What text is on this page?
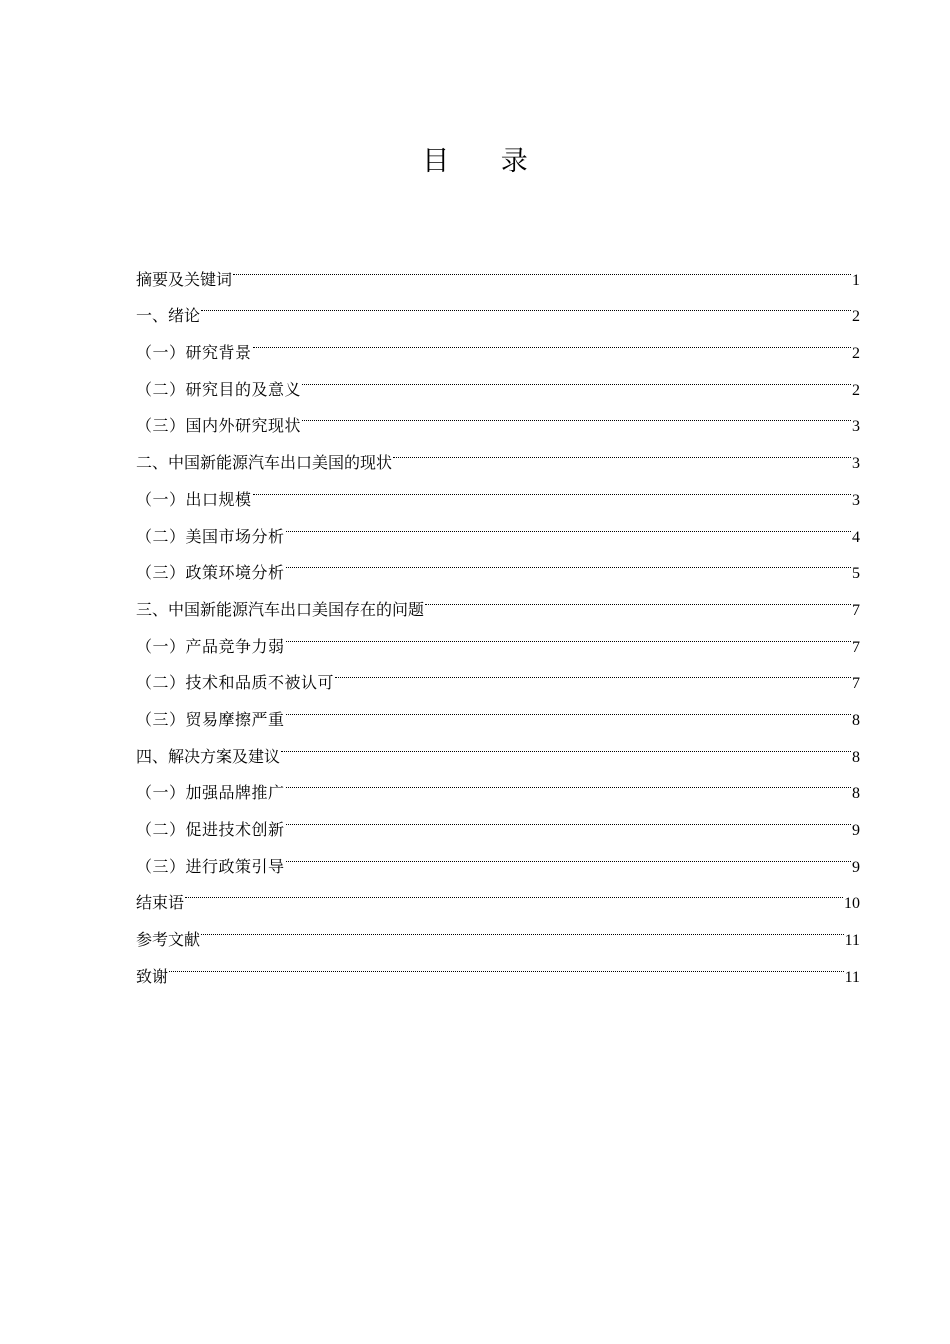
目      录
摘要及关键词	1
一、绪论	2
（一）研究背景	2
（二）研究目的及意义	2
（三）国内外研究现状	3
二、中国新能源汽车出口美国的现状	3
（一）出口规模	3
（二）美国市场分析	4
（三）政策环境分析	5
三、中国新能源汽车出口美国存在的问题	7
（一）产品竞争力弱	7
（二）技术和品质不被认可	7
（三）贸易摩擦严重	8
四、解决方案及建议	8
（一）加强品牌推广	8
（二）促进技术创新	9
（三）进行政策引导	9
结束语	10
参考文献	11
致谢	11
